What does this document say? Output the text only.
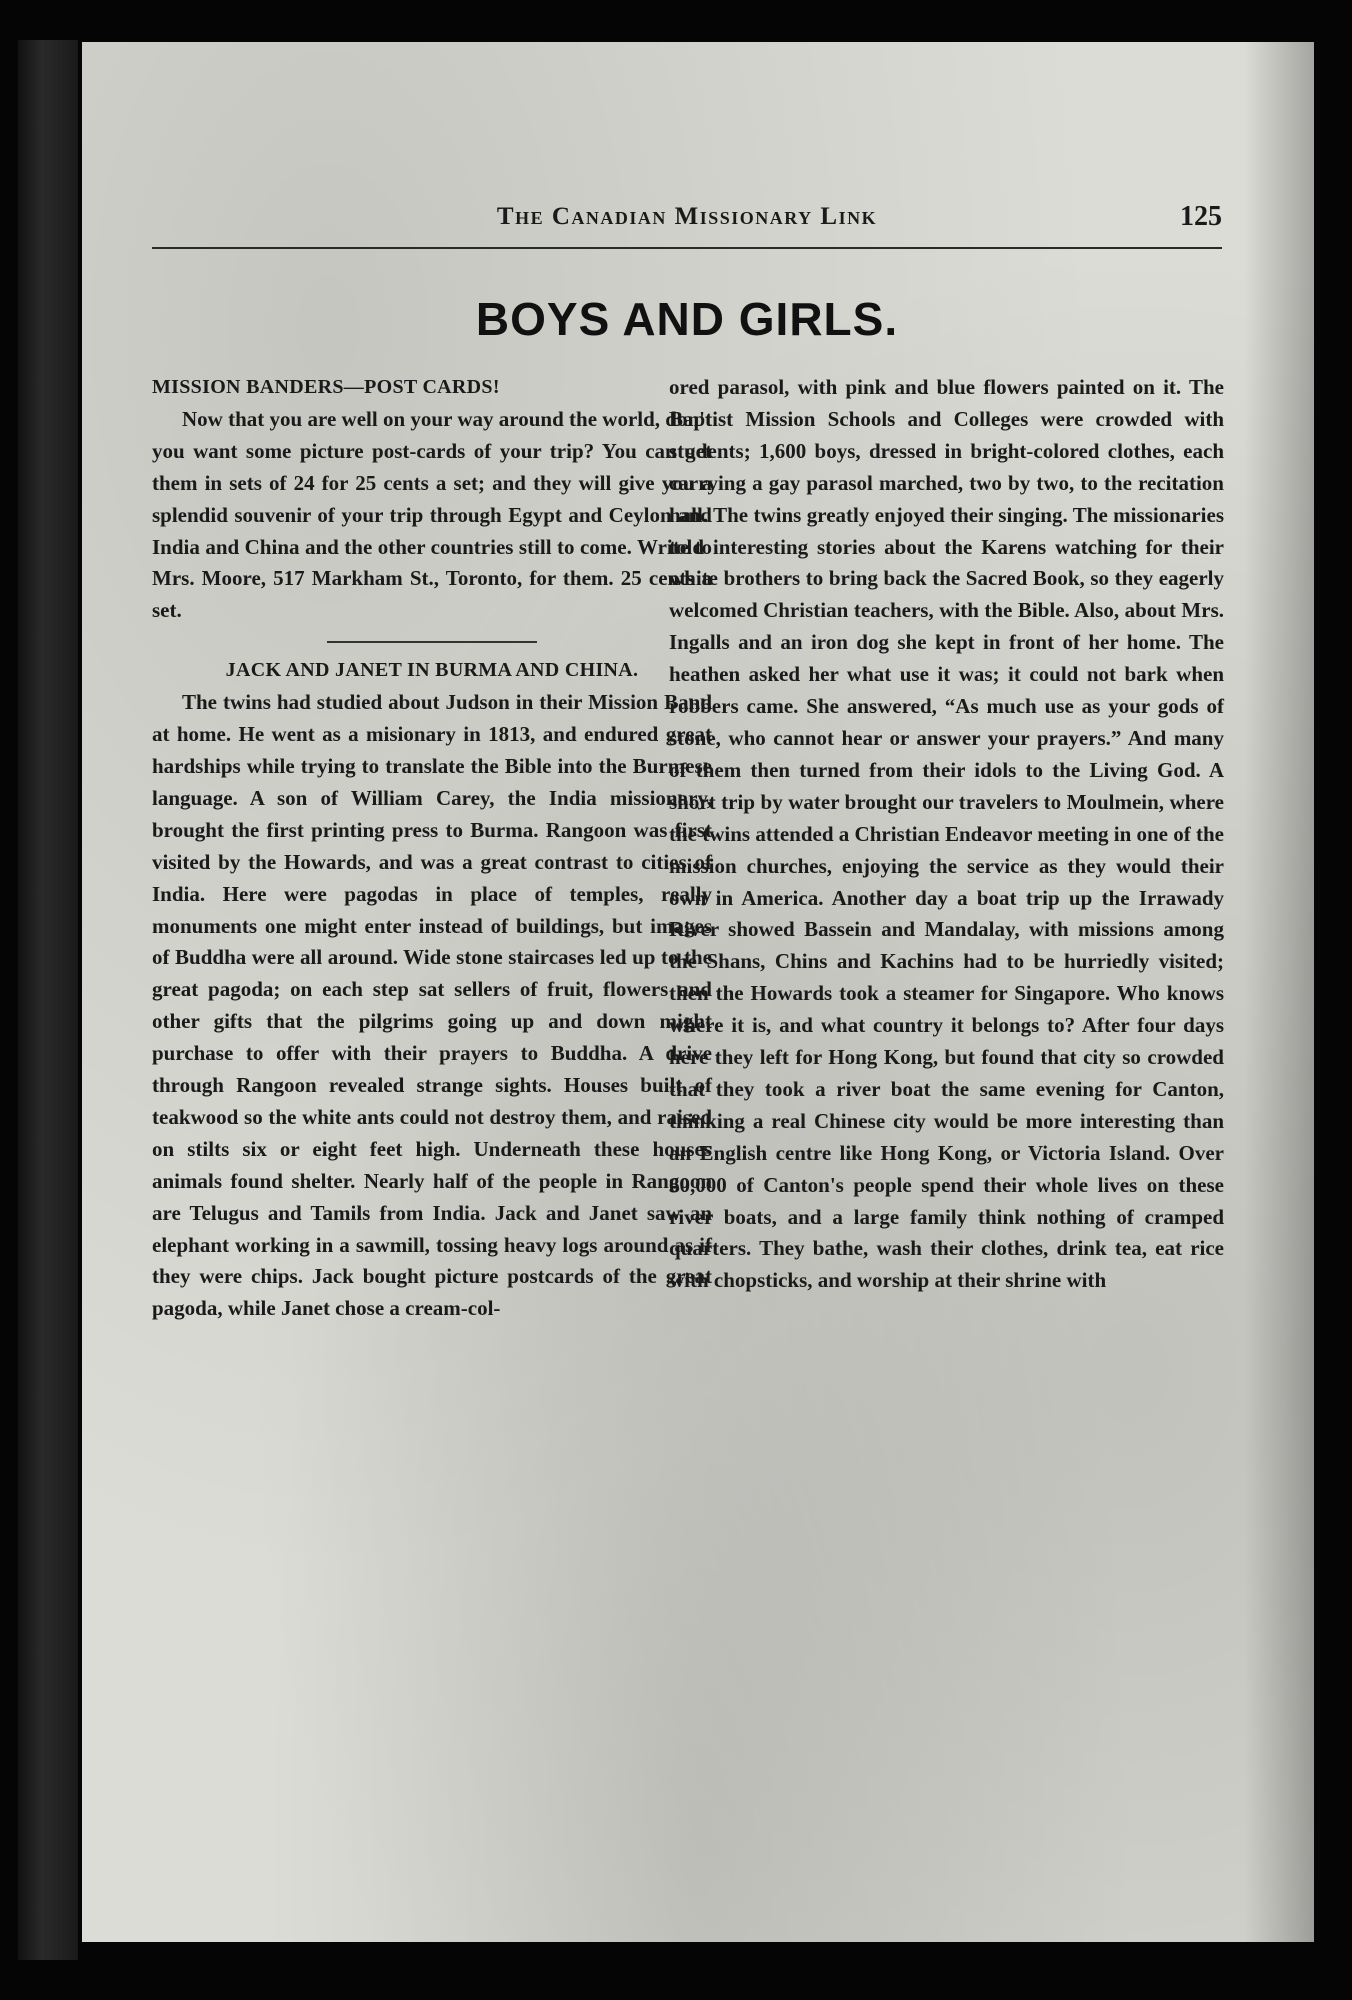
The Canadian Missionary Link	125
BOYS AND GIRLS.

MISSION BANDERS—POST CARDS!

Now that you are well on your way around the world, don't you want some picture post-cards of your trip? You can get them in sets of 24 for 25 cents a set; and they will give you a splendid souvenir of your trip through Egypt and Ceylon and India and China and the other countries still to come. Write to Mrs. Moore, 517 Markham St., Toronto, for them. 25 cents a set.

JACK AND JANET IN BURMA AND CHINA.

The twins had studied about Judson in their Mission Band at home. He went as a misionary in 1813, and endured great hardships while trying to translate the Bible into the Burmese language. A son of William Carey, the India missionary, brought the first printing press to Burma. Rangoon was first visited by the Howards, and was a great contrast to cities of India. Here were pagodas in place of temples, really monuments one might enter instead of buildings, but images of Buddha were all around. Wide stone staircases led up to the great pagoda; on each step sat sellers of fruit, flowers and other gifts that the pilgrims going up and down might purchase to offer with their prayers to Buddha. A drive through Rangoon revealed strange sights. Houses built of teakwood so the white ants could not destroy them, and raised on stilts six or eight feet high. Underneath these houses animals found shelter. Nearly half of the people in Rangoon are Telugus and Tamils from India. Jack and Janet saw an elephant working in a sawmill, tossing heavy logs around as if they were chips. Jack bought picture postcards of the great pagoda, while Janet chose a cream-col-

ored parasol, with pink and blue flowers painted on it. The Baptist Mission Schools and Colleges were crowded with students; 1,600 boys, dressed in bright-colored clothes, each carrying a gay parasol marched, two by two, to the recitation hall. The twins greatly enjoyed their singing. The missionaries told interesting stories about the Karens watching for their white brothers to bring back the Sacred Book, so they eagerly welcomed Christian teachers, with the Bible. Also, about Mrs. Ingalls and an iron dog she kept in front of her home. The heathen asked her what use it was; it could not bark when robbers came. She answered, “As much use as your gods of stone, who cannot hear or answer your prayers.” And many of them then turned from their idols to the Living God. A short trip by water brought our travelers to Moulmein, where the twins attended a Christian Endeavor meeting in one of the mission churches, enjoying the service as they would their own in America. Another day a boat trip up the Irrawady River showed Bassein and Mandalay, with missions among the Shans, Chins and Kachins had to be hurriedly visited; then the Howards took a steamer for Singapore. Who knows where it is, and what country it belongs to? After four days here they left for Hong Kong, but found that city so crowded that they took a river boat the same evening for Canton, thinking a real Chinese city would be more interesting than an English centre like Hong Kong, or Victoria Island. Over 60,000 of Canton's people spend their whole lives on these river boats, and a large family think nothing of cramped quarters. They bathe, wash their clothes, drink tea, eat rice with chopsticks, and worship at their shrine with
